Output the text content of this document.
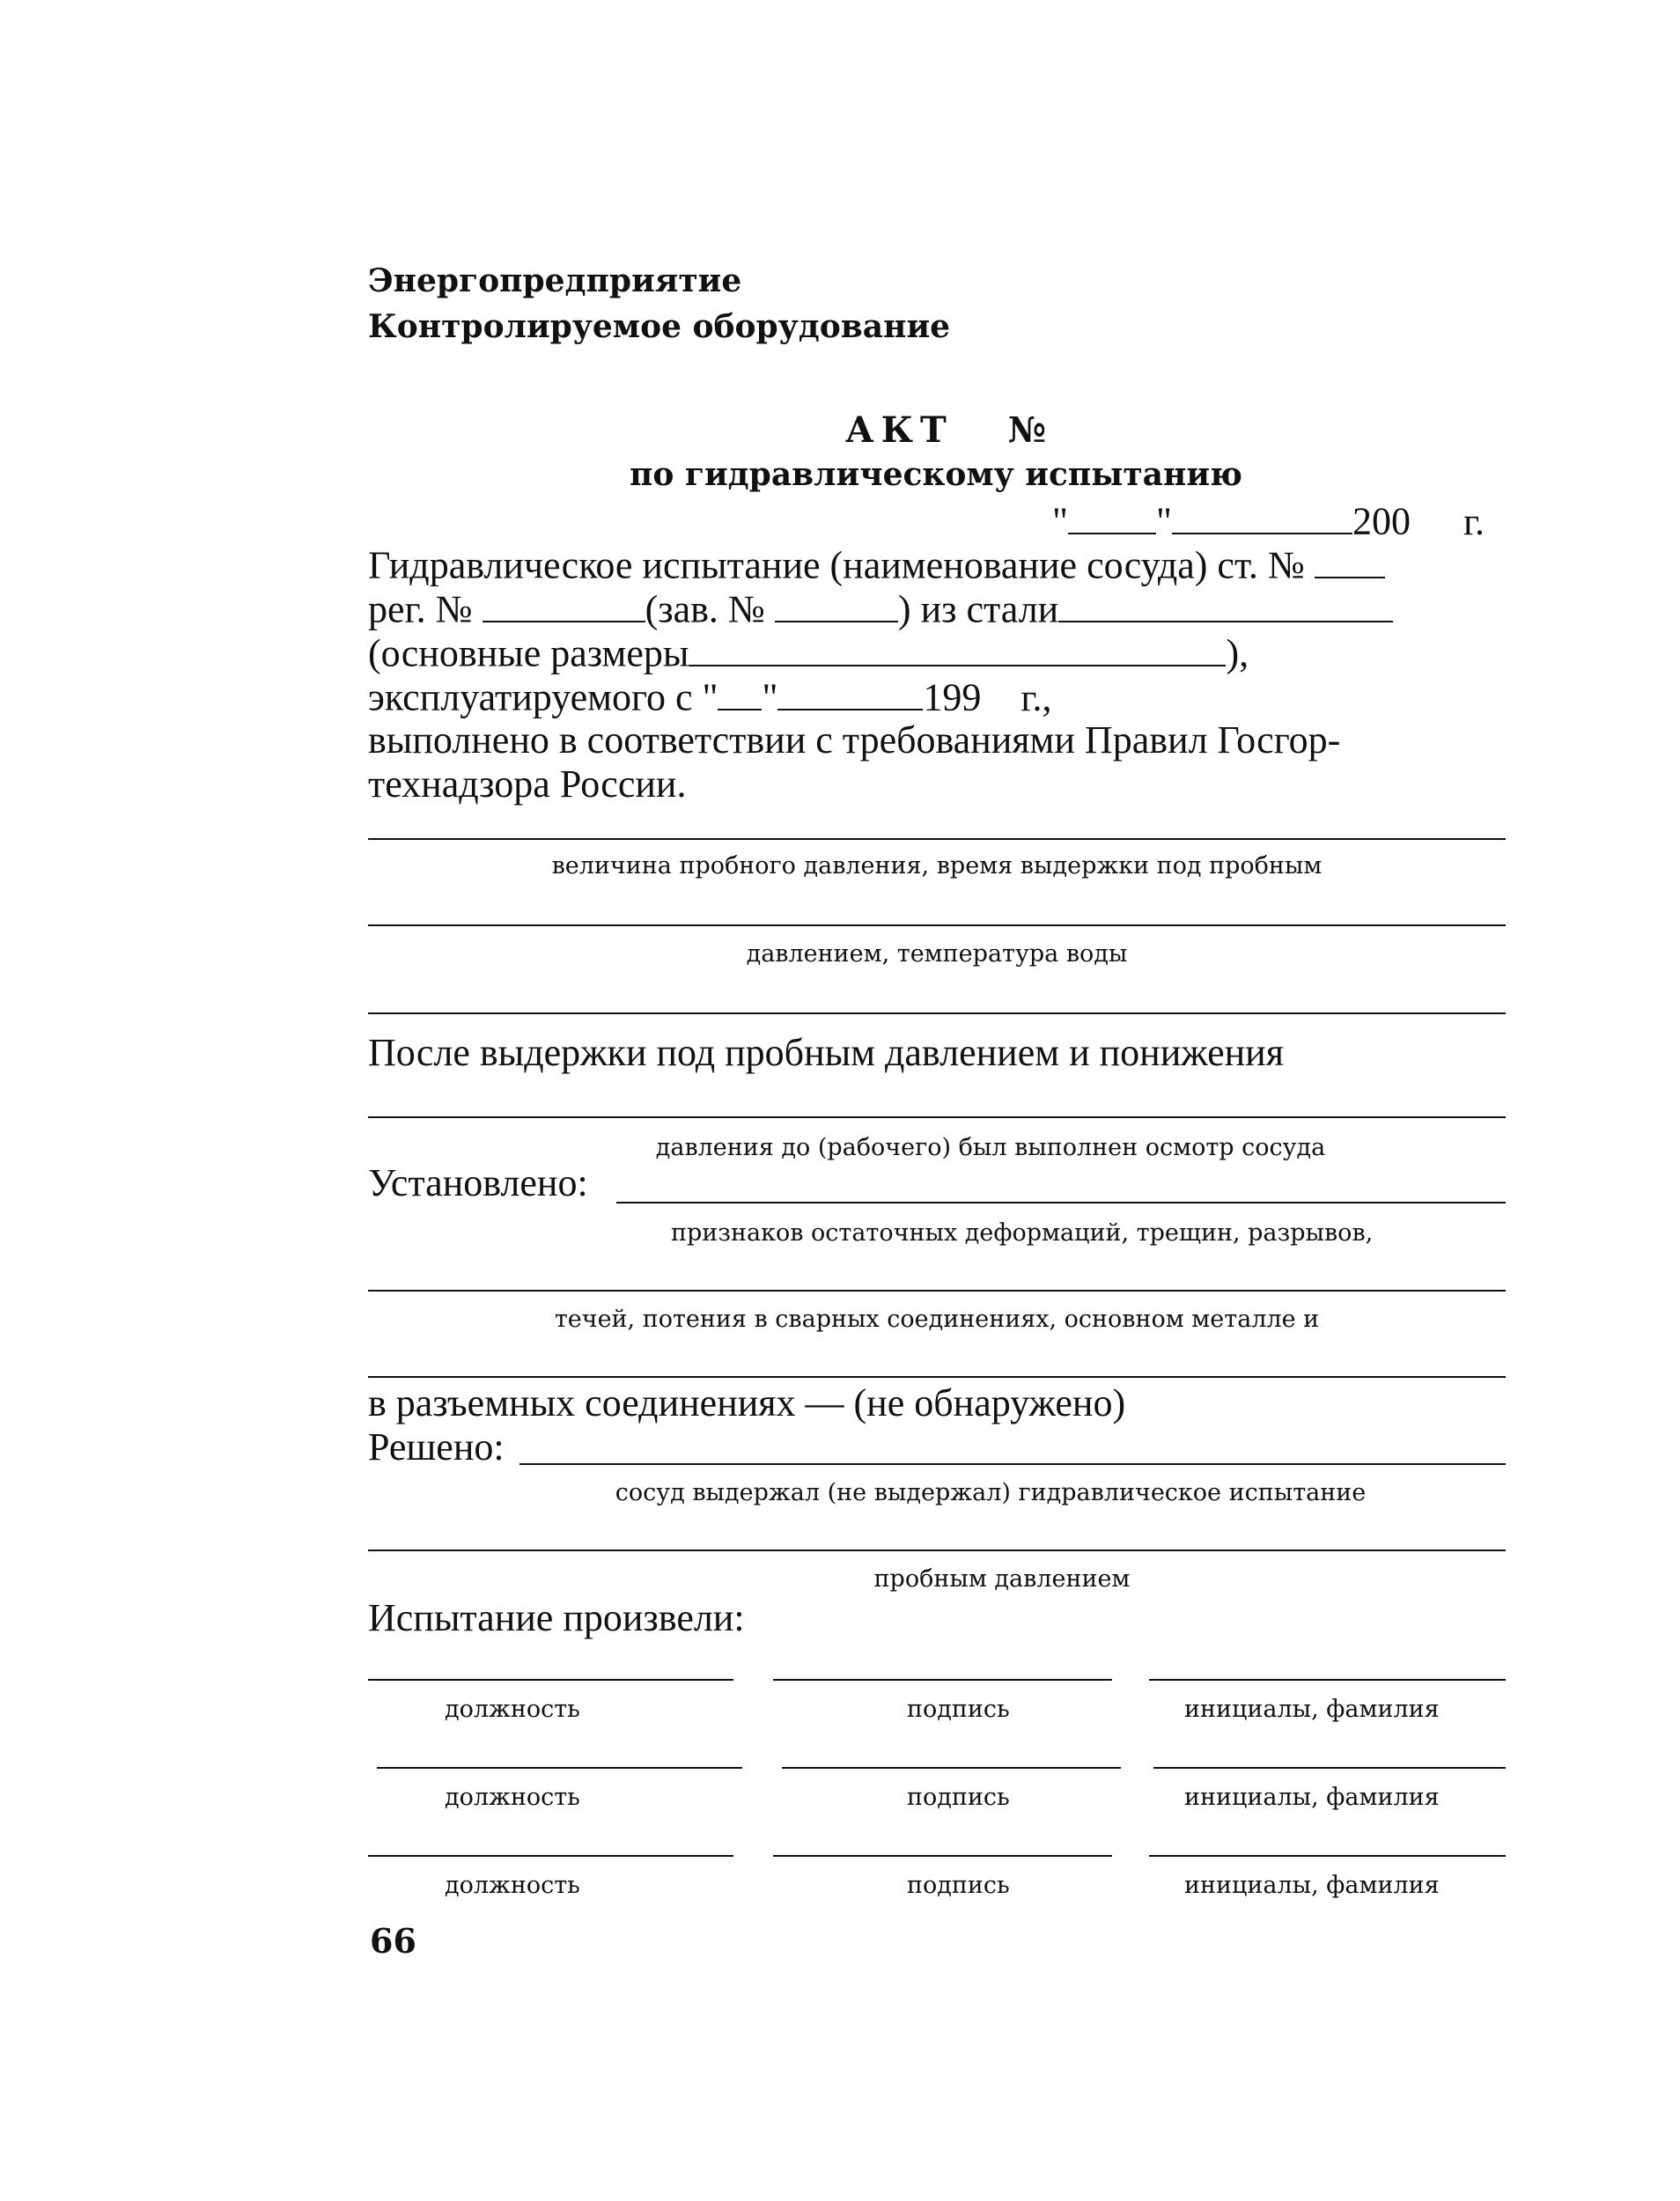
Энергопредприятие
Контролируемое оборудование
АКТ №
по гидравлическому испытанию
" "	200 г.
Гидравлическое испытание (наименование сосуда) ст. №
рег. №	(зав. №	) из стали
(основные размеры	),
эксплуатируемого с " "	199 г.,
выполнено в соответствии с требованиями Правил Госгор-
технадзора России.
величина пробного давления, время выдержки под пробным
давлением, температура воды
После выдержки под пробным давлением и понижения
давления до (рабочего) был выполнен осмотр сосуда
Установлено:
признаков остаточных деформаций, трещин, разрывов,
течей, потения в сварных соединениях, основном металле и
в разъемных соединениях — (не обнаружено)
Решено:
сосуд выдержал (не выдержал) гидравлическое испытание
пробным давлением
Испытание произвели:
должность	подпись	инициалы, фамилия
должность	подпись	инициалы, фамилия
должность	подпись	инициалы, фамилия
66
